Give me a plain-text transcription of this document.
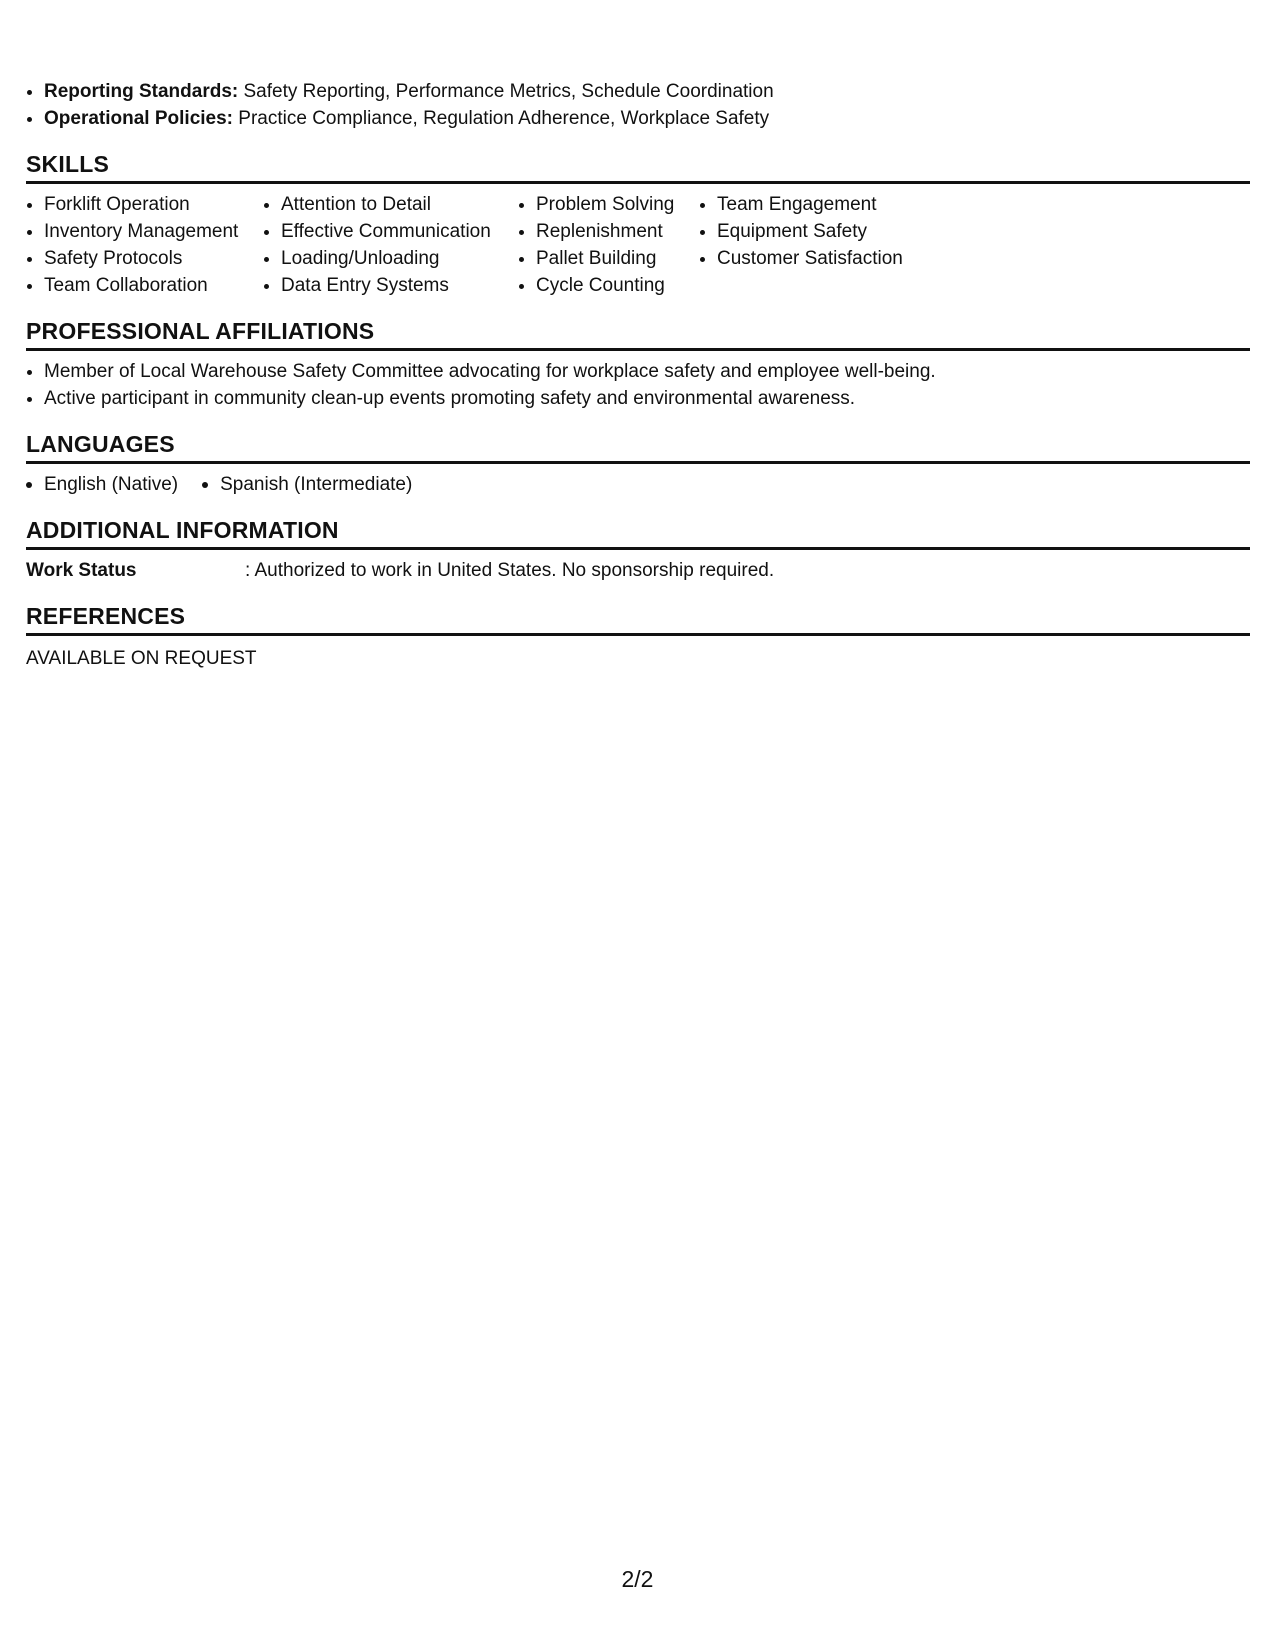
• Reporting Standards: Safety Reporting, Performance Metrics, Schedule Coordination
• Operational Policies: Practice Compliance, Regulation Adherence, Workplace Safety
SKILLS
• Forklift Operation
• Inventory Management
• Safety Protocols
• Team Collaboration
• Attention to Detail
• Effective Communication
• Loading/Unloading
• Data Entry Systems
• Problem Solving
• Replenishment
• Pallet Building
• Cycle Counting
• Team Engagement
• Equipment Safety
• Customer Satisfaction
PROFESSIONAL AFFILIATIONS
• Member of Local Warehouse Safety Committee advocating for workplace safety and employee well-being.
• Active participant in community clean-up events promoting safety and environmental awareness.
LANGUAGES
English (Native)	Spanish (Intermediate)
ADDITIONAL INFORMATION
Work Status	: Authorized to work in United States. No sponsorship required.
REFERENCES
AVAILABLE ON REQUEST
2/2
